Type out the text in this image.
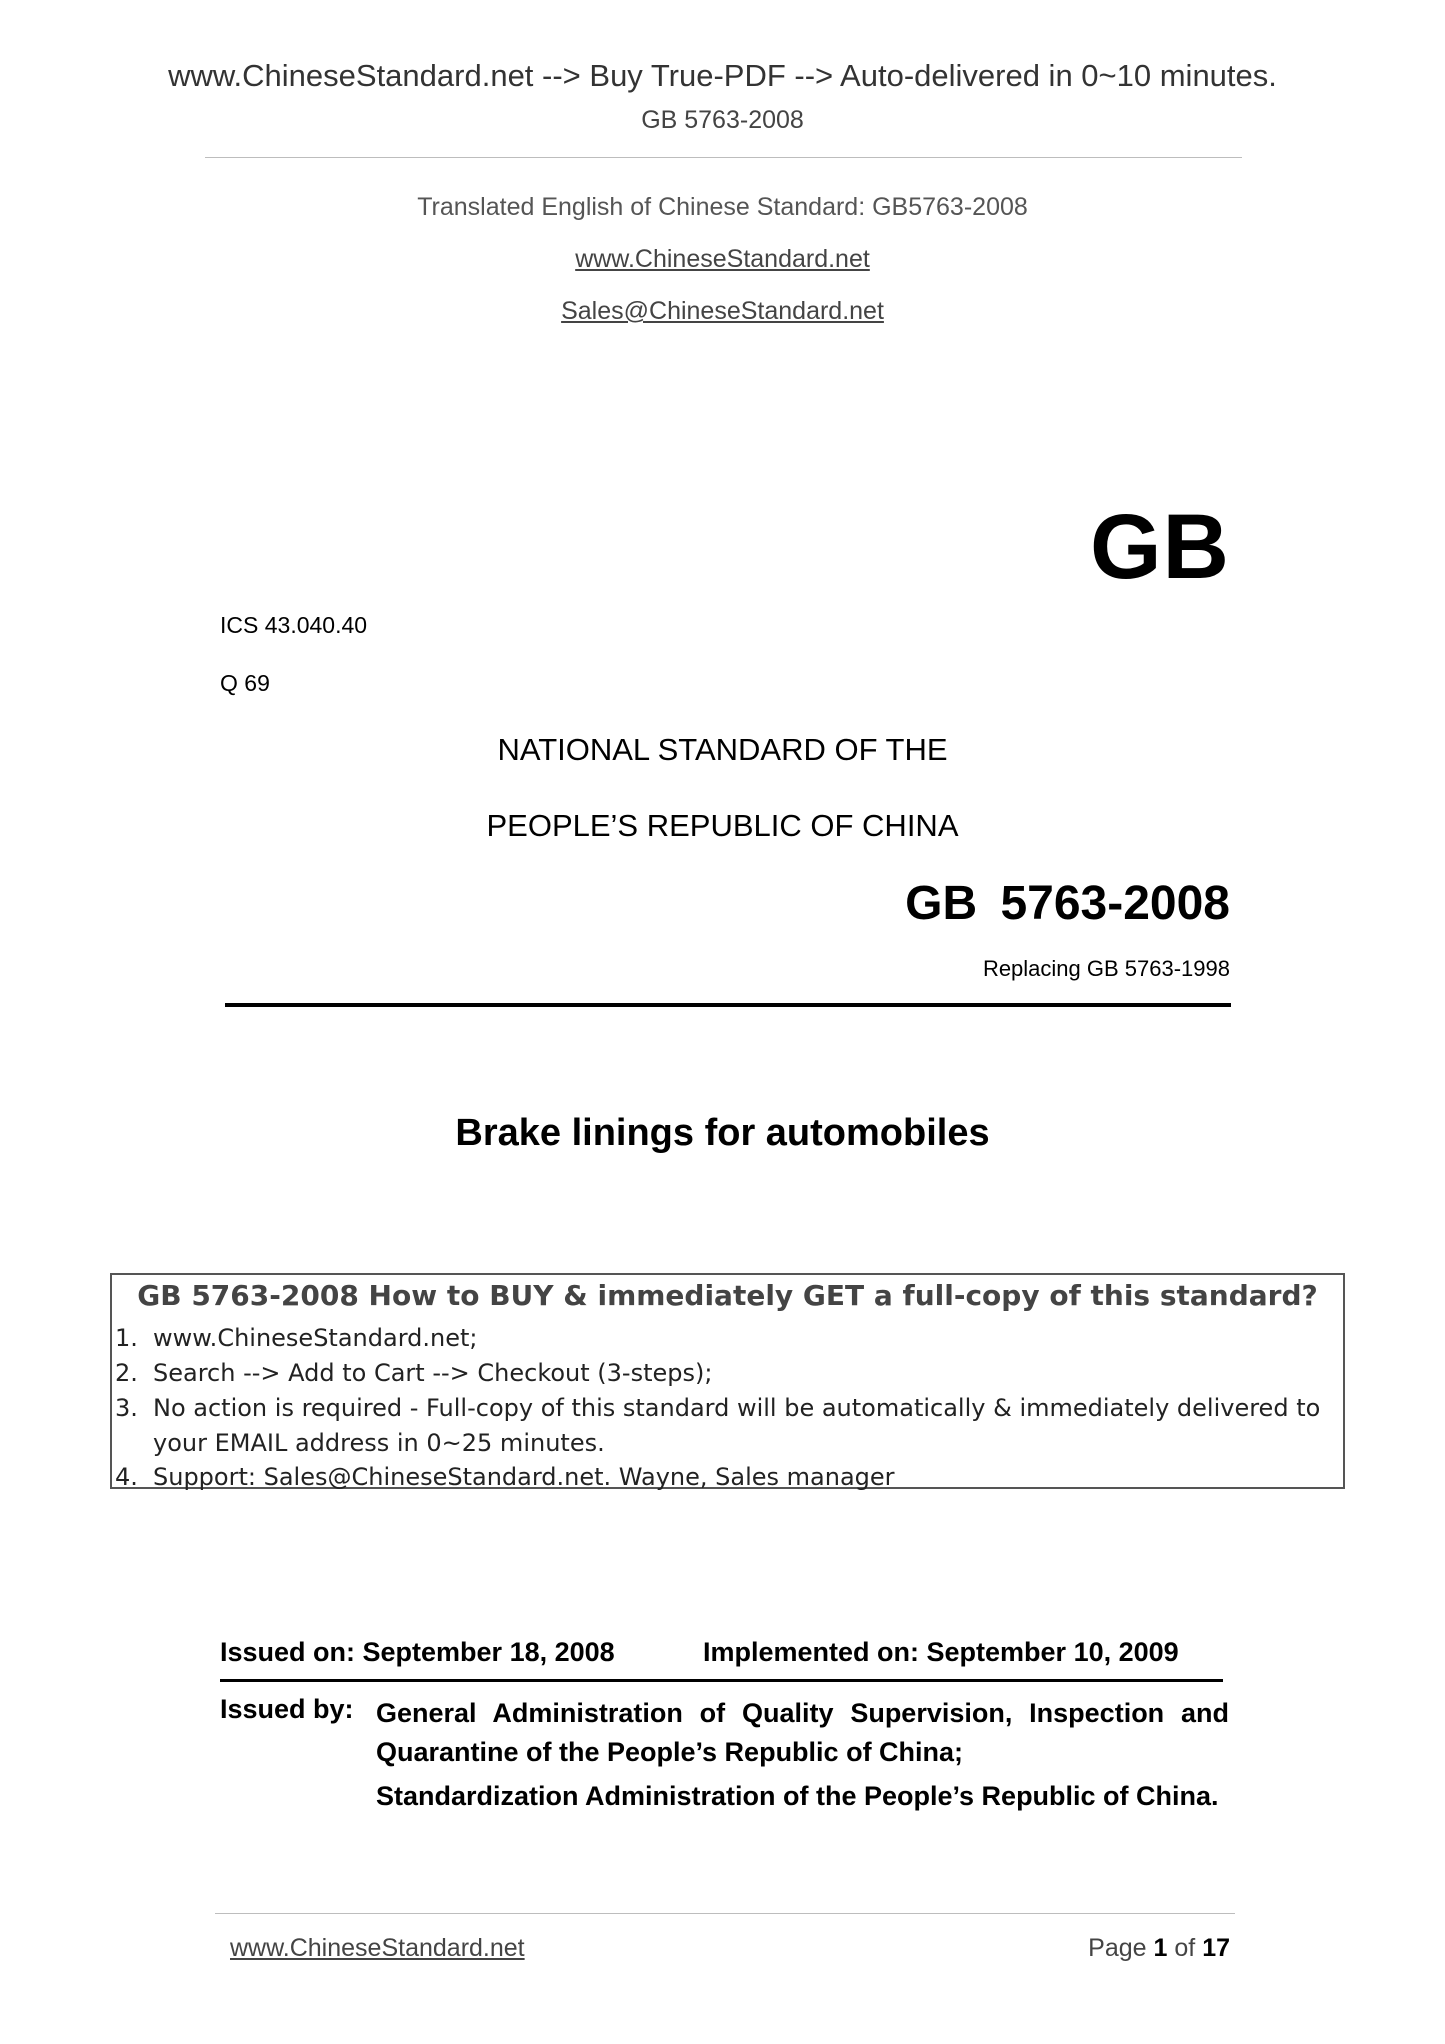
www.ChineseStandard.net --> Buy True-PDF --> Auto-delivered in 0~10 minutes.
GB 5763-2008
Translated English of Chinese Standard: GB5763-2008
www.ChineseStandard.net
Sales@ChineseStandard.net
GB
ICS 43.040.40
Q 69
NATIONAL STANDARD OF THE
PEOPLE’S REPUBLIC OF CHINA
GB 5763-2008
Replacing GB 5763-1998
Brake linings for automobiles
GB 5763-2008 How to BUY & immediately GET a full-copy of this standard?
1. www.ChineseStandard.net;
2. Search --> Add to Cart --> Checkout (3-steps);
3. No action is required - Full-copy of this standard will be automatically & immediately delivered to
your EMAIL address in 0~25 minutes.
4. Support: Sales@ChineseStandard.net. Wayne, Sales manager
Issued on: September 18, 2008	Implemented on: September 10, 2009
Issued by: General Administration of Quality Supervision, Inspection and Quarantine of the People’s Republic of China;
Standardization Administration of the People’s Republic of China.
www.ChineseStandard.net	Page 1 of 17
